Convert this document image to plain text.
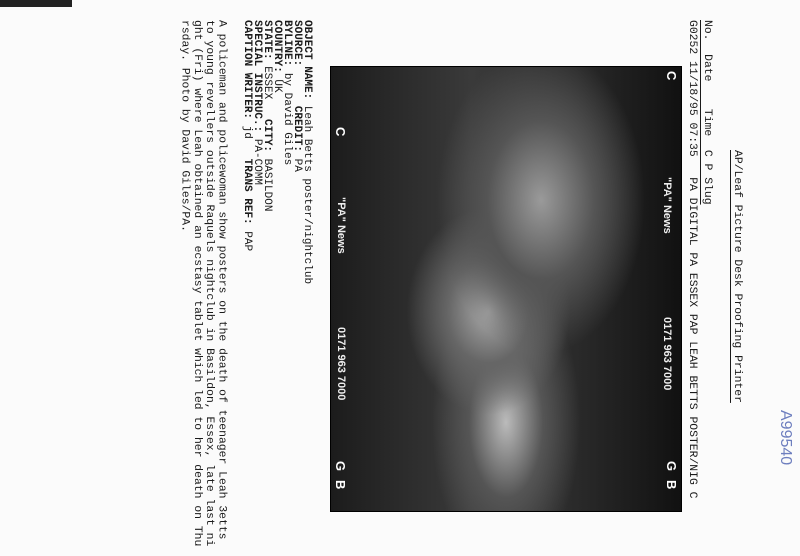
AP/Leaf Picture Desk Proofing Printer
No.  Date    Time  C P Slug
G0252 11/18/95 07:35   PA DIGITAL PA ESSEX PAP LEAH BETTS POSTER/NIG C
C
C
G
B
G
B
"PA" News
0171 963 7000
"PA" News
0171 963 7000
OBJECT NAME: Leah Betts poster/nightclub
SOURCE:      CREDIT: PA
BYLINE: by David Giles
COUNTRY: UK
STATE: ESSEX   CITY: BASILDON
SPECIAL INSTRUC.: PA-COMM
CAPTION WRITER: jd   TRANS REF: PAP
A policeman and policewoman show posters on the death of teenager Leah 3etts
to young revellers outside Raquels nightclub in Basildon, Essex, late last ni
ght (Fri) where Leah obtained an ecstasy tablet which led to her death on Thu
rsday. Photo by David Giles/PA.
A99540
